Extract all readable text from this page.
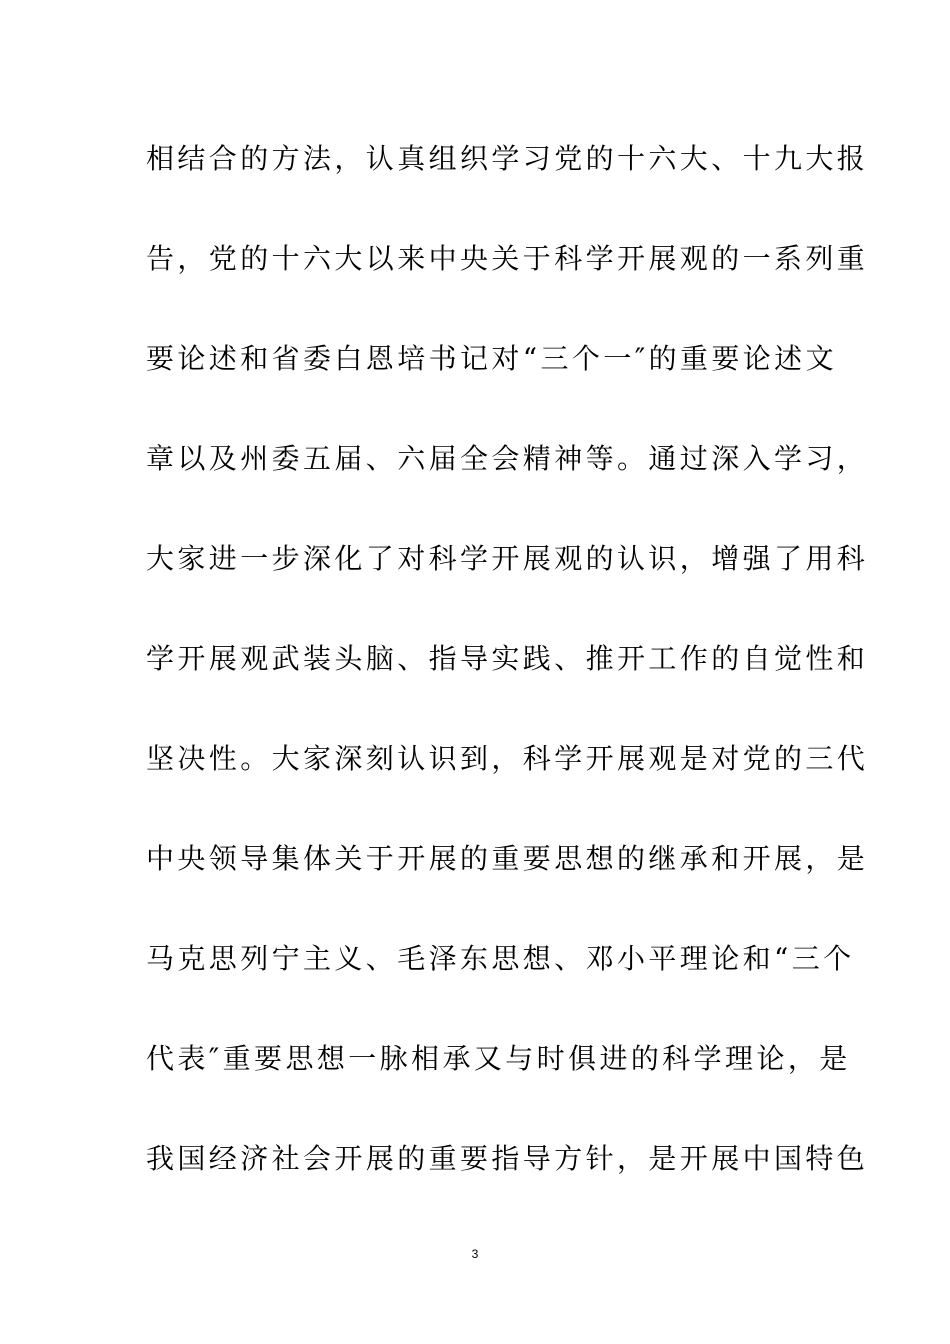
相结合的方法，认真组织学习党的十六大、十九大报
告，党的十六大以来中央关于科学开展观的一系列重
要论述和省委白恩培书记对“三个一″的重要论述文
章以及州委五届、六届全会精神等。通过深入学习，
大家进一步深化了对科学开展观的认识，增强了用科
学开展观武装头脑、指导实践、推开工作的自觉性和
坚决性。大家深刻认识到，科学开展观是对党的三代
中央领导集体关于开展的重要思想的继承和开展，是
马克思列宁主义、毛泽东思想、邓小平理论和“三个
代表″重要思想一脉相承又与时俱进的科学理论，是
我国经济社会开展的重要指导方针，是开展中国特色
3
